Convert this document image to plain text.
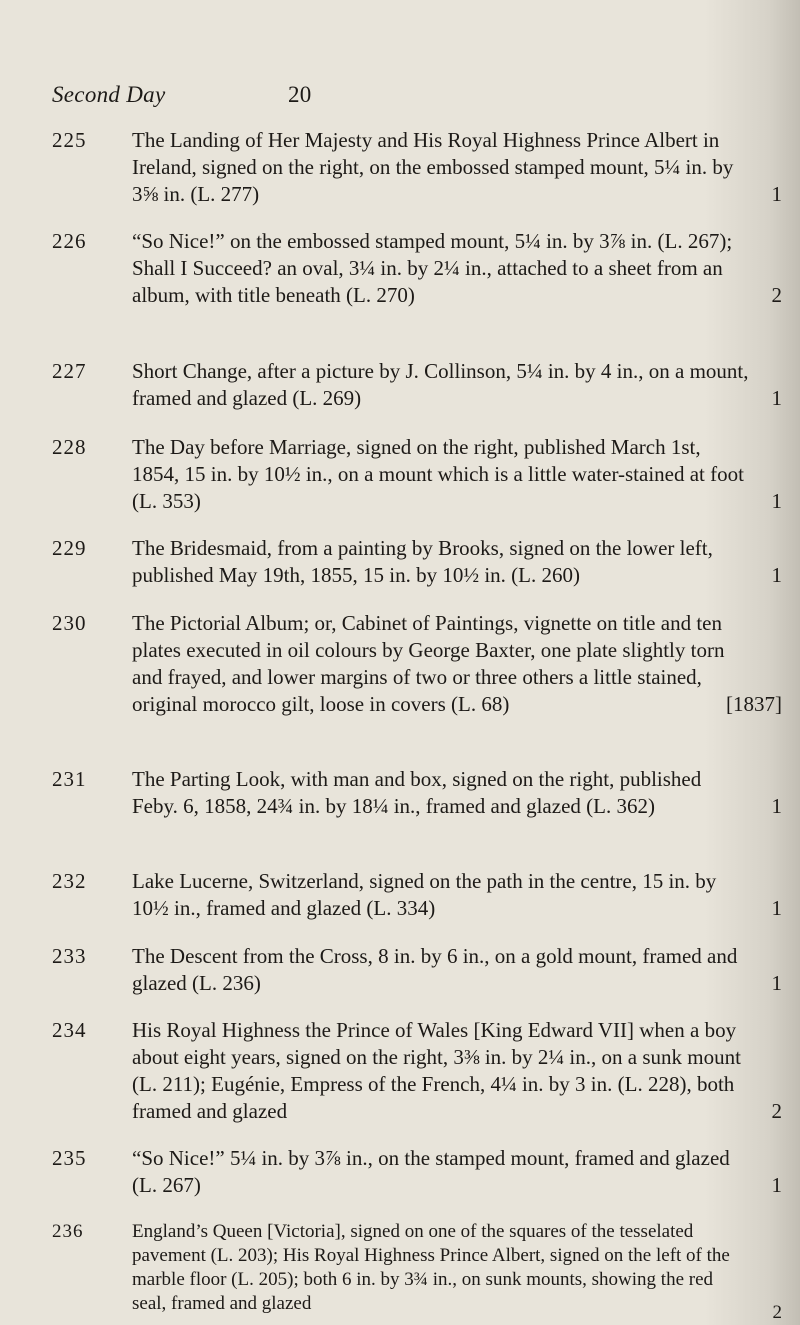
Second Day	20
225	The Landing of Her Majesty and His Royal Highness Prince Albert in Ireland, signed on the right, on the embossed stamped mount, 5¼ in. by 3⅝ in. (L. 277)	1
226	“So Nice!” on the embossed stamped mount, 5¼ in. by 3⅞ in. (L. 267); Shall I Succeed? an oval, 3¼ in. by 2¼ in., attached to a sheet from an album, with title beneath (L. 270)	2
227	Short Change, after a picture by J. Collinson, 5¼ in. by 4 in., on a mount, framed and glazed (L. 269)	1
228	The Day before Marriage, signed on the right, published March 1st, 1854, 15 in. by 10½ in., on a mount which is a little water-stained at foot (L. 353)	1
229	The Bridesmaid, from a painting by Brooks, signed on the lower left, published May 19th, 1855, 15 in. by 10½ in. (L. 260)	1
230	The Pictorial Album; or, Cabinet of Paintings, vignette on title and ten plates executed in oil colours by George Baxter, one plate slightly torn and frayed, and lower margins of two or three others a little stained, original morocco gilt, loose in covers (L. 68)	[1837]
231	The Parting Look, with man and box, signed on the right, published Feby. 6, 1858, 24¾ in. by 18¼ in., framed and glazed (L. 362)	1
232	Lake Lucerne, Switzerland, signed on the path in the centre, 15 in. by 10½ in., framed and glazed (L. 334)	1
233	The Descent from the Cross, 8 in. by 6 in., on a gold mount, framed and glazed (L. 236)	1
234	His Royal Highness the Prince of Wales [King Edward VII] when a boy about eight years, signed on the right, 3⅜ in. by 2¼ in., on a sunk mount (L. 211); Eugénie, Empress of the French, 4¼ in. by 3 in. (L. 228), both framed and glazed	2
235	“So Nice!” 5¼ in. by 3⅞ in., on the stamped mount, framed and glazed (L. 267)	1
236	England’s Queen [Victoria], signed on one of the squares of the tesselated pavement (L. 203); His Royal Highness Prince Albert, signed on the left of the marble floor (L. 205); both 6 in. by 3¾ in., on sunk mounts, showing the red seal, framed and glazed	2
